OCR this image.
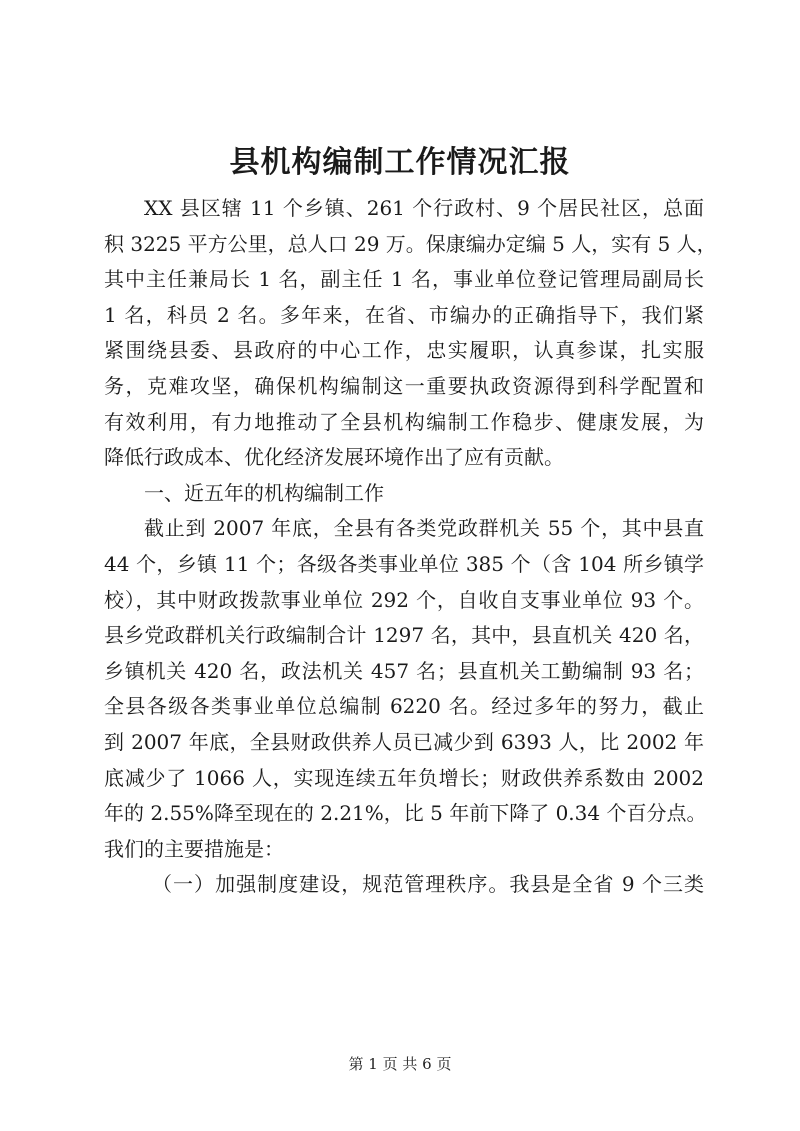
县机构编制工作情况汇报

XX 县区辖 11 个乡镇、261 个行政村、9 个居民社区，总面
积 3225 平方公里，总人口 29 万。保康编办定编 5 人，实有 5 人，
其中主任兼局长 1 名，副主任 1 名，事业单位登记管理局副局长
1 名，科员 2 名。多年来，在省、市编办的正确指导下，我们紧
紧围绕县委、县政府的中心工作，忠实履职，认真参谋，扎实服
务，克难攻坚，确保机构编制这一重要执政资源得到科学配置和
有效利用，有力地推动了全县机构编制工作稳步、健康发展，为
降低行政成本、优化经济发展环境作出了应有贡献。

一、近五年的机构编制工作

截止到 2007 年底，全县有各类党政群机关 55 个，其中县直
44 个，乡镇 11 个；各级各类事业单位 385 个（含 104 所乡镇学
校），其中财政拨款事业单位 292 个，自收自支事业单位 93 个。
县乡党政群机关行政编制合计 1297 名，其中，县直机关 420 名，
乡镇机关 420 名，政法机关 457 名；县直机关工勤编制 93 名；
全县各级各类事业单位总编制 6220 名。经过多年的努力，截止
到 2007 年底，全县财政供养人员已减少到 6393 人，比 2002 年
底减少了 1066 人，实现连续五年负增长；财政供养系数由 2002
年的 2.55%降至现在的 2.21%，比 5 年前下降了 0.34 个百分点。
我们的主要措施是：

（一）加强制度建设，规范管理秩序。我县是全省 9 个三类

第 1 页 共 6 页
